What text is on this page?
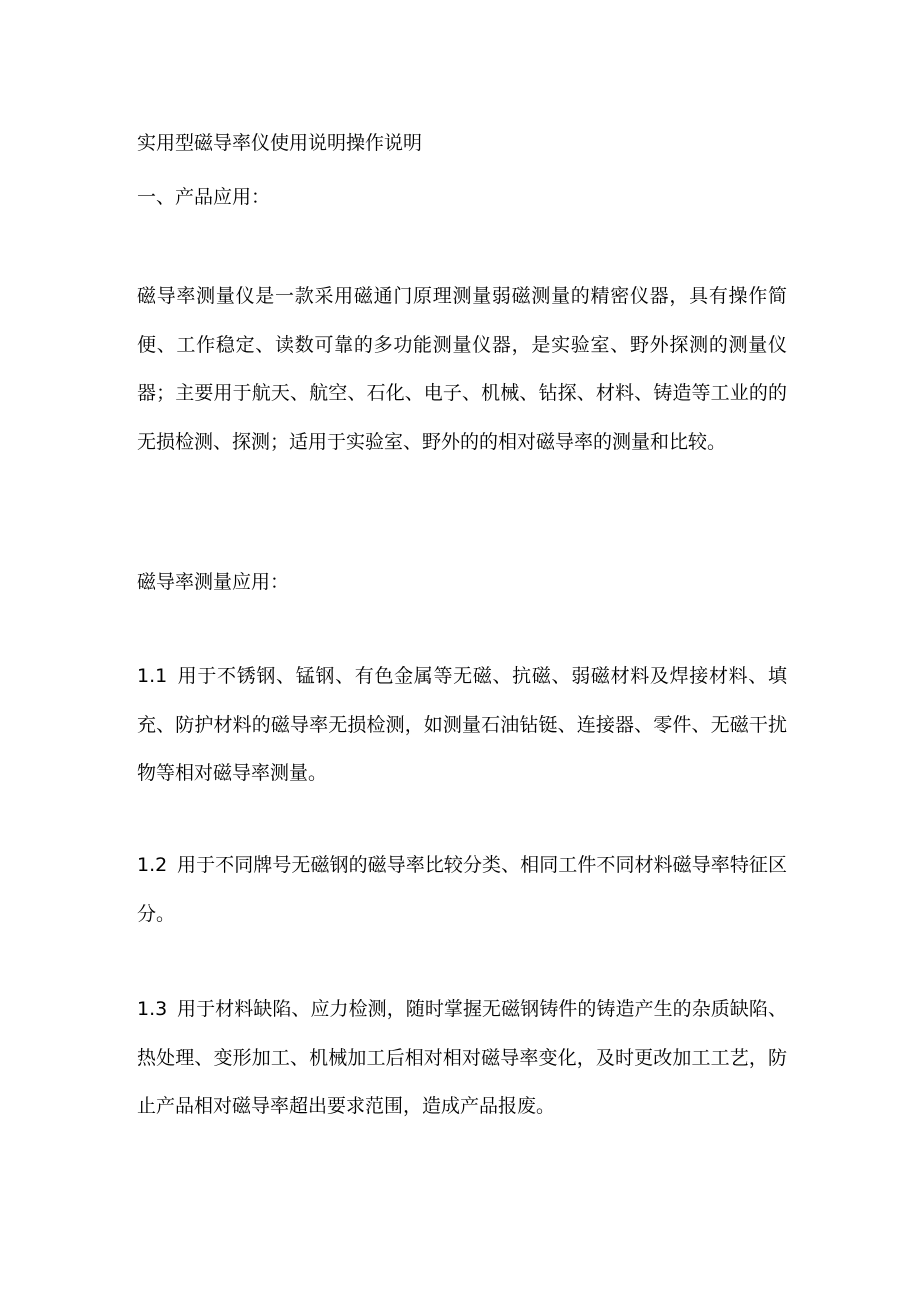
实用型磁导率仪使用说明操作说明
一、产品应用：

磁导率测量仪是一款采用磁通门原理测量弱磁测量的精密仪器，具有操作简便、工作稳定、读数可靠的多功能测量仪器，是实验室、野外探测的测量仪器；主要用于航天、航空、石化、电子、机械、钻探、材料、铸造等工业的的无损检测、探测；适用于实验室、野外的的相对磁导率的测量和比较。

磁导率测量应用：

1.1 用于不锈钢、锰钢、有色金属等无磁、抗磁、弱磁材料及焊接材料、填充、防护材料的磁导率无损检测，如测量石油钻铤、连接器、零件、无磁干扰物等相对磁导率测量。

1.2 用于不同牌号无磁钢的磁导率比较分类、相同工件不同材料磁导率特征区分。

1.3 用于材料缺陷、应力检测，随时掌握无磁钢铸件的铸造产生的杂质缺陷、热处理、变形加工、机械加工后相对相对磁导率变化，及时更改加工工艺，防止产品相对磁导率超出要求范围，造成产品报废。
